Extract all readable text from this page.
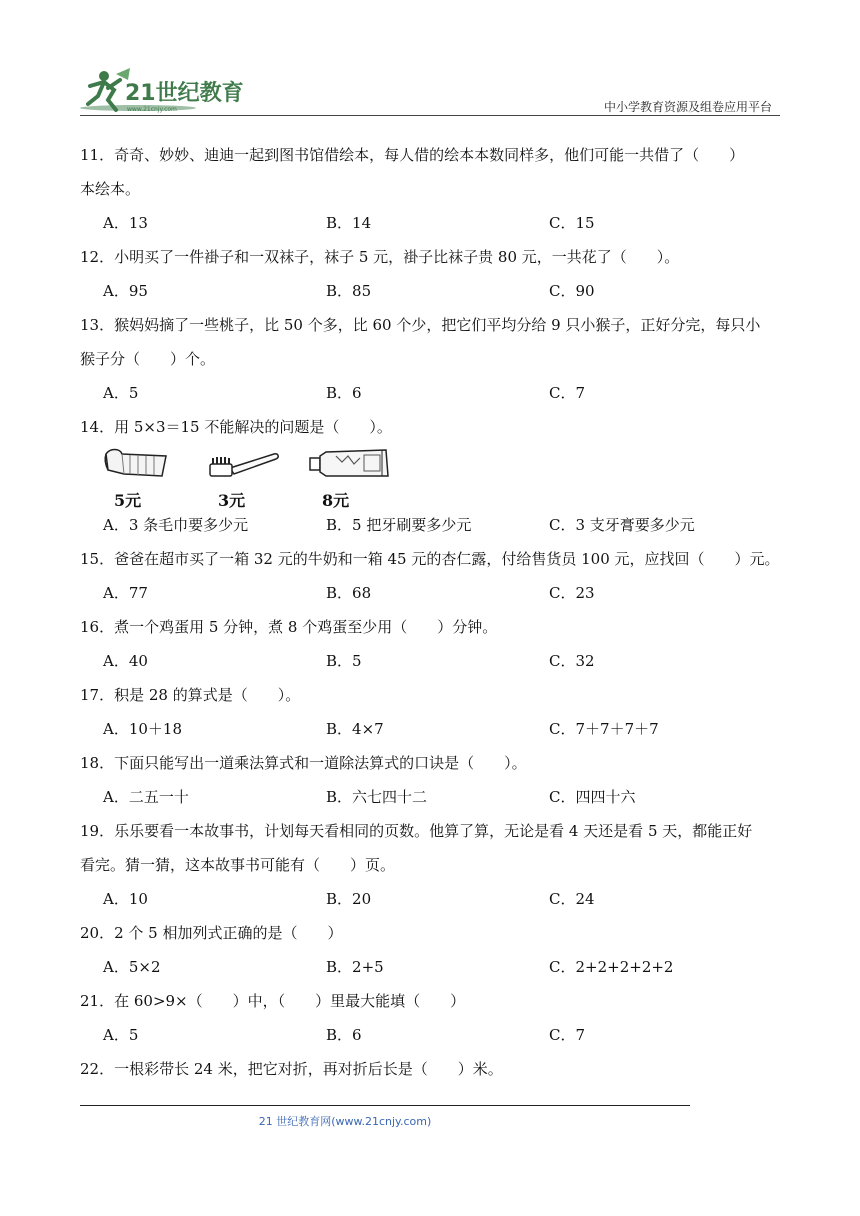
21世纪教育
www.21cnjy.com	中小学教育资源及组卷应用平台

11．奇奇、妙妙、迪迪一起到图书馆借绘本，每人借的绘本本数同样多，他们可能一共借了（　　）

本绘本。

A．13	B．14	C．15

12．小明买了一件褂子和一双袜子，袜子 5 元，褂子比袜子贵 80 元，一共花了（　　）。

A．95	B．85	C．90

13．猴妈妈摘了一些桃子，比 50 个多，比 60 个少，把它们平均分给 9 只小猴子，正好分完，每只小

猴子分（　　）个。

A．5	B．6	C．7

14．用 5×3＝15 不能解决的问题是（　　）。

5元	3元	8元
A．3 条毛巾要多少元	B．5 把牙刷要多少元	C．3 支牙膏要多少元

15．爸爸在超市买了一箱 32 元的牛奶和一箱 45 元的杏仁露，付给售货员 100 元，应找回（　　）元。

A．77	B．68	C．23

16．煮一个鸡蛋用 5 分钟，煮 8 个鸡蛋至少用（　　）分钟。

A．40	B．5	C．32

17．积是 28 的算式是（　　）。

A．10＋18	B．4×7	C．7＋7＋7＋7

18．下面只能写出一道乘法算式和一道除法算式的口诀是（　　）。

A．二五一十	B．六七四十二	C．四四十六

19．乐乐要看一本故事书，计划每天看相同的页数。他算了算，无论是看 4 天还是看 5 天，都能正好

看完。猜一猜，这本故事书可能有（　　）页。

A．10	B．20	C．24

20．2 个 5 相加列式正确的是（　　）

A．5×2	B．2+5	C．2+2+2+2+2

21．在 60>9×（　　）中，（　　）里最大能填（　　）

A．5	B．6	C．7

22．一根彩带长 24 米，把它对折，再对折后长是（　　）米。

21 世纪教育网(www.21cnjy.com)
